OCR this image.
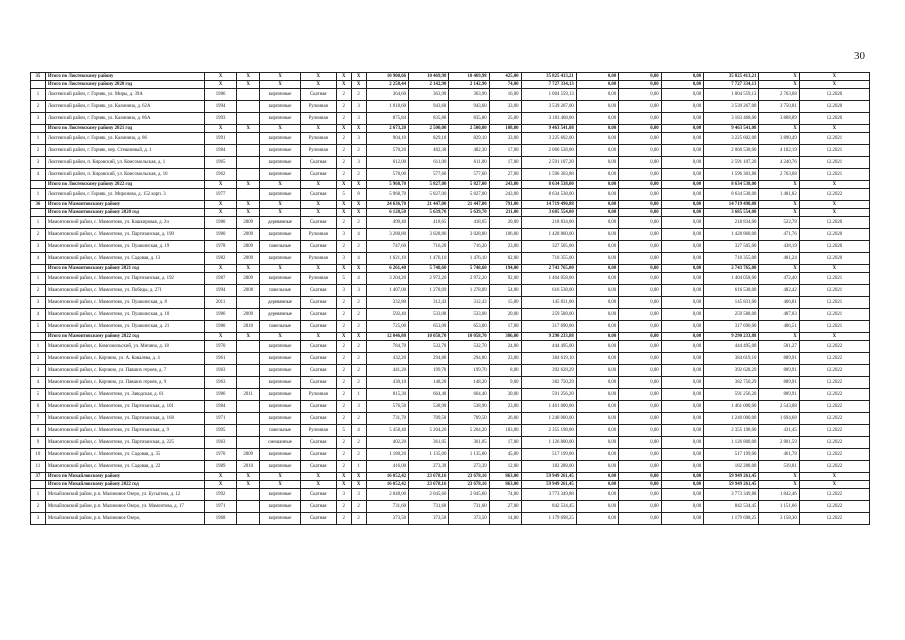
30
35	Итого по Локтевскому району	X	X	X	X	X	X	10 900,66	10 469,98	10 469,98	425,00	35 825 413,21	0,00	0,00	0,00	35 825 413,21	X	X
	Итого по Локтевскому району 2020 год	X	X	X	X	X	X	2 258,44	2 142,90	2 142,90	74,00	7 727 334,13	0,00	0,00	0,00	7 727 334,13	X	X
1	Локтевский район, г. Горняк, ул. Миры, д. 39А	1986		кирпичные	Скатная	2	2	364,60	363,90	363,90	16,00	1 004 559,13	0,00	0,00	0,00	1 004 559,13	2 763,68	12.2020
2	Локтевский район, г. Горняк, ул. Калинина, д. 62А	1994		кирпичные	Рулонная	2	3	1 018,60	943,60	943,60	33,00	3 539 267,00	0,00	0,00	0,00	3 539 267,00	3 750,81	12.2020
3	Локтевский район, г. Горняк, ул. Калинина, д. 86А	1993		кирпичные	Рулонная	2	3	875,84	835,80	835,80	25,00	3 183 468,00	0,00	0,00	0,00	3 183 468,00	3 808,89	12.2020
	Итого по Локтевскому району 2021 год	X	X	X	X	X	X	2 673,20	2 500,00	2 500,00	108,00	9 463 541,08	0,00	0,00	0,00	9 463 541,08	X	X
1	Локтевский район, г. Горняк, ул. Калинина, д. 86	1991		кирпичные	Рулонная	2	3	904,10	829,10	829,10	33,00	3 225 602,00	0,00	0,00	0,00	3 225 602,00	3 890,49	12.2021
2	Локтевский район, г. Горняк, пер. Стешинный, д. 1	1984		кирпичные	Рулонная	2	2	570,20	482,30	482,30	17,00	2 060 538,00	0,00	0,00	0,00	2 060 538,00	4 182,19	12.2021
3	Локтевский район, п. Кировский, ул. Комсомольская, д. 1	1965		кирпичные	Скатная	2	3	612,00	611,00	611,00	17,00	2 591 107,20	0,00	0,00	0,00	2 591 107,20	4 240,76	12.2021
4	Локтевский район, п. Кировский, ул. Комсомольская, д. 10	1962		кирпичные	Скатная	2	2	578,00	577,60	577,60	27,00	1 596 303,88	0,00	0,00	0,00	1 596 303,88	2 763,68	12.2021
	Итого по Локтевскому району 2022 год	X	X	X	X	X	X	5 968,70	5 827,00	5 827,00	243,00	8 634 538,00	0,00	0,00	0,00	8 634 538,00	X	X
1	Локтевский район, г. Горняк, ул. Миронова, д. 152 корп. 3	1977		кирпичные	Скатная	5	8	5 968,70	5 827,00	5 827,00	243,00	8 634 538,00	0,00	0,00	0,00	8 634 538,00	1 481,82	12.2022
36	Итого по Мамонтовскому району	X	X	X	X	X	X	24 636,70	21 447,00	21 447,00	791,00	14 719 490,88	0,00	0,00	0,00	14 719 490,88	X	X
	Итого по Мамонтовскому району 2020 год	X	X	X	X	X	X	6 128,50	5 639,70	5 639,70	211,00	3 685 554,00	0,00	0,00	0,00	3 685 554,00	X	X
1	Мамонтовский район, с. Мамонтово, ул. Кашкировая, д. 2ч	1980	2009	деревянные	Скатная	2	2	499,40	418,65	418,65	20,00	218 834,00	0,00	0,00	0,00	218 834,00	522,78	12.2020
2	Мамонтовский район, с. Мамонтово, ул. Партизанская, д. 190	1980	2009	кирпичные	Рулонная	3	4	3 280,80	3 028,80	3 028,80	106,00	1 428 860,00	0,00	0,00	0,00	1 428 860,00	471,76	12.2020
3	Мамонтовский район, с. Мамонтово, ул. Пушкинская, д. 19	1978	2009	панельные	Скатная	2	2	747,60	716,20	716,20	23,00	327 505,00	0,00	0,00	0,00	327 505,00	438,19	12.2020
4	Мамонтовский район, с. Мамонтово, ул. Садовая, д. 13	1982	2009	кирпичные	Рулонная	3	4	1 621,10	1 476,10	1 476,10	62,00	710 355,00	0,00	0,00	0,00	710 355,00	481,24	12.2020
	Итого по Мамонтовскому району 2021 год	X	X	X	X	X	X	6 261,40	5 748,60	5 748,60	194,00	2 743 765,00	0,00	0,00	0,00	2 743 765,00	X	X
1	Мамонтовский район, с. Мамонтово, ул. Партизанская, д. 192	1987	2009	кирпичные	Рулонная	5	4	3 204,20	2 972,20	2 972,20	92,00	1 404 058,00	0,00	0,00	0,00	1 404 058,00	472,40	12.2021
2	Мамонтовский район, с. Мамонтово, ул. Победы, д. 271	1994	2008	панельные	Скатная	3	3	1 407,00	1 278,09	1 278,09	54,00	616 538,00	0,00	0,00	0,00	616 538,00	482,42	12.2021
3	Мамонтовский район, с. Мамонтово, ул. Пушкинская, д. 8	2011		деревянные	Скатная	2	2	332,80	312,43	312,43	15,00	145 831,00	0,00	0,00	0,00	145 831,00	466,81	12.2021
4	Мамонтовский район, с. Мамонтово, ул. Пушкинская, д. 10	1986	2009	деревянные	Скатная	2	2	592,40	533,08	533,08	20,00	259 588,00	0,00	0,00	0,00	259 588,00	487,03	12.2021
5	Мамонтовский район, с. Мамонтово, ул. Пушкинская, д. 21	1980	2010	панельные	Скатная	2	2	725,00	653,00	653,00	17,00	317 690,00	0,00	0,00	0,00	317 690,00	486,51	12.2021
	Итого по Мамонтовскому району 2022 год	X	X	X	X	X	X	12 046,80	10 058,70	10 058,70	386,00	9 290 233,88	0,00	0,00	0,00	9 290 233,88	X	X
1	Мамонтовский район, с. Комсомольский, ул. Мичина, д. 18	1970		кирпичные	Скатная	2	2	784,70	532,70	532,70	24,00	444 495,00	0,00	0,00	0,00	444 495,00	581,27	12.2022
2	Мамонтовский район, с. Корчино, ул. А. Ковалева, д. 4	1961		кирпичные	Скатная	2	2	432,20	294,80	294,80	23,00	384 619,10	0,00	0,00	0,00	384 619,10	889,91	12.2022
3	Мамонтовский район, с. Корчино, ул. Павших героев, д. 7	1963		кирпичные	Скатная	2	2	441,20	199,70	199,70	8,00	392 628,29	0,00	0,00	0,00	392 628,29	889,91	12.2022
4	Мамонтовский район, с. Корчино, ул. Павших героев, д. 9	1963		кирпичные	Скатная	2	2	430,10	148,20	148,20	9,00	382 750,29	0,00	0,00	0,00	382 750,29	889,91	12.2022
5	Мамонтовский район, с. Мамонтово, ул. Заводская, д. 61	1986	2011	кирпичные	Рулонная	2	1	815,30	664,40	664,40	30,00	591 256,20	0,00	0,00	0,00	591 256,20	889,91	12.2022
6	Мамонтовский район, с. Мамонтово, ул. Партизанская, д. 101	1984		кирпичные	Скатная	2	3	576,50	538,90	538,90	23,00	1 461 000,00	0,00	0,00	0,00	1 461 000,00	2 543,08	12.2022
7	Мамонтовский район, с. Мамонтово, ул. Партизанская, д. 168	1971		кирпичные	Скатная	2	2	731,70	709,50	709,50	26,00	1 240 000,00	0,00	0,00	0,00	1 240 000,00	1 694,68	12.2022
8	Мамонтовский район, с. Мамонтово, ул. Партизанская, д. 9	1995		панельные	Рулонная	5	4	5 458,40	5 204,20	5 204,20	183,00	2 355 198,00	0,00	0,00	0,00	2 355 198,00	431,45	12.2022
9	Мамонтовский район, с. Мамонтово, ул. Партизанская, д. 225	1963		смешанные	Скатная	2	2	402,20	361,05	361,05	17,00	1 126 800,00	0,00	0,00	0,00	1 126 800,00	2 801,59	12.2022
10	Мамонтовский район, с. Мамонтово, ул. Садовая, д. 35	1970	2009	кирпичные	Скатная	2	2	1 180,20	1 135,00	1 135,00	45,00	517 199,00	0,00	0,00	0,00	517 199,00	461,78	12.2022
11	Мамонтовский район, с. Мамонтово, ул. Садовая, д. 22	1989	2010	кирпичные	Скатная	2	1	416,00	273,39	273,39	12,00	182 288,00	0,00	0,00	0,00	182 288,00	539,01	12.2022
37	Итого по Михайловскому району	X	X	X	X	X	X	16 052,42	23 678,16	23 678,16	863,00	59 949 261,45	0,00	0,00	0,00	59 949 261,45	X	X
	Итого по Михайловскому району 2022 год	X	X	X	X	X	X	16 052,42	23 678,16	23 678,16	863,00	59 949 261,45	0,00	0,00	0,00	59 949 261,45	X	X
1	Михайловский район, р.п. Малиновое Озеро, ул. Бусыгина, д. 12	1992		кирпичные	Скатная	3	3	2 048,00	2 045,60	2 045,60	74,00	3 773 349,88	0,00	0,00	0,00	3 773 349,88	1 842,46	12.2022
2	Михайловский район, р.п. Малиновое Озеро, ул. Мамонтова, д. 17	1971		кирпичные	Скатная	2	2	731,60	731,60	731,60	27,00	842 534,45	0,00	0,00	0,00	842 534,45	1 151,66	12.2022
3	Михайловский район, р.п. Малиновое Озеро,	1968		кирпичные	Скатная	2	2	373,50	373,50	373,50	14,00	1 179 698,25	0,00	0,00	0,00	1 179 698,25	3 158,30	12.2022
